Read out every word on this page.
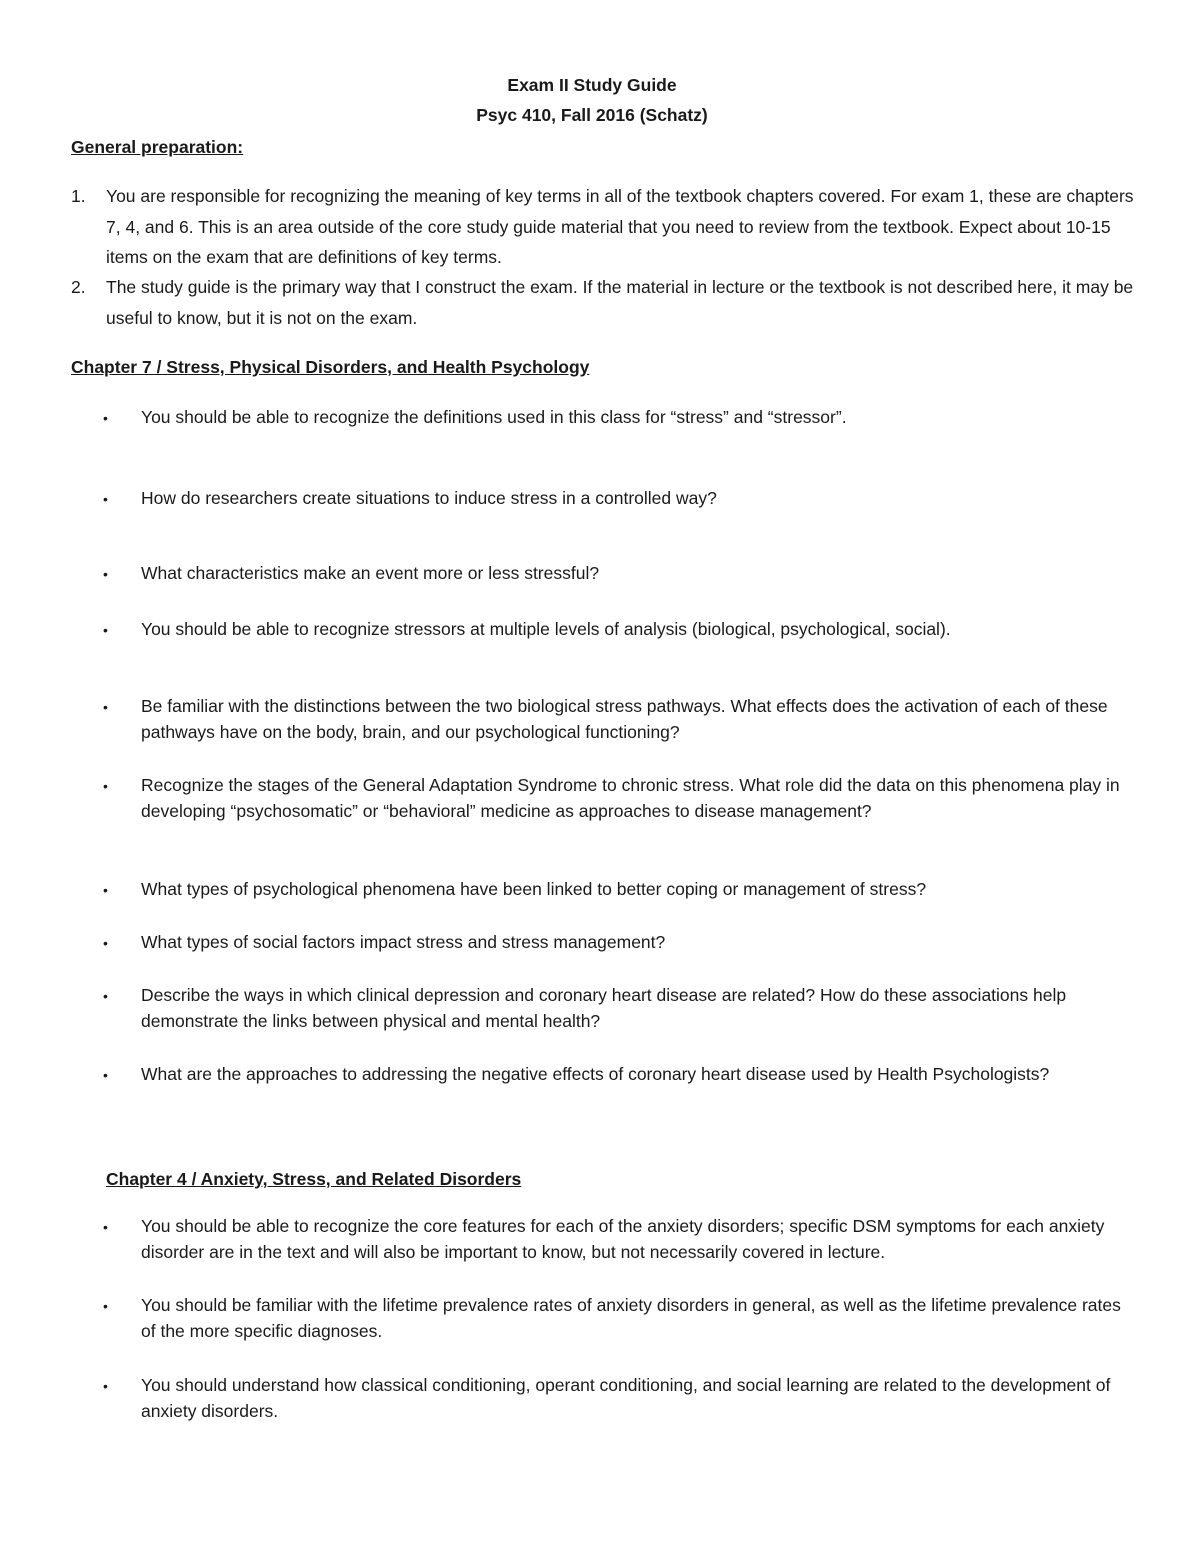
Exam II Study Guide
Psyc 410, Fall 2016 (Schatz)
General preparation:
1. You are responsible for recognizing the meaning of key terms in all of the textbook chapters covered. For exam 1, these are chapters 7, 4, and 6. This is an area outside of the core study guide material that you need to review from the textbook. Expect about 10-15 items on the exam that are definitions of key terms.
2. The study guide is the primary way that I construct the exam. If the material in lecture or the textbook is not described here, it may be useful to know, but it is not on the exam.
Chapter 7 / Stress, Physical Disorders, and Health Psychology
• You should be able to recognize the definitions used in this class for “stress” and “stressor”.
• How do researchers create situations to induce stress in a controlled way?
• What characteristics make an event more or less stressful?
• You should be able to recognize stressors at multiple levels of analysis (biological, psychological, social).
• Be familiar with the distinctions between the two biological stress pathways. What effects does the activation of each of these pathways have on the body, brain, and our psychological functioning?
• Recognize the stages of the General Adaptation Syndrome to chronic stress. What role did the data on this phenomena play in developing “psychosomatic” or “behavioral” medicine as approaches to disease management?
• What types of psychological phenomena have been linked to better coping or management of stress?
• What types of social factors impact stress and stress management?
• Describe the ways in which clinical depression and coronary heart disease are related? How do these associations help demonstrate the links between physical and mental health?
• What are the approaches to addressing the negative effects of coronary heart disease used by Health Psychologists?
Chapter 4 / Anxiety, Stress, and Related Disorders
• You should be able to recognize the core features for each of the anxiety disorders; specific DSM symptoms for each anxiety disorder are in the text and will also be important to know, but not necessarily covered in lecture.
• You should be familiar with the lifetime prevalence rates of anxiety disorders in general, as well as the lifetime prevalence rates of the more specific diagnoses.
• You should understand how classical conditioning, operant conditioning, and social learning are related to the development of anxiety disorders.
